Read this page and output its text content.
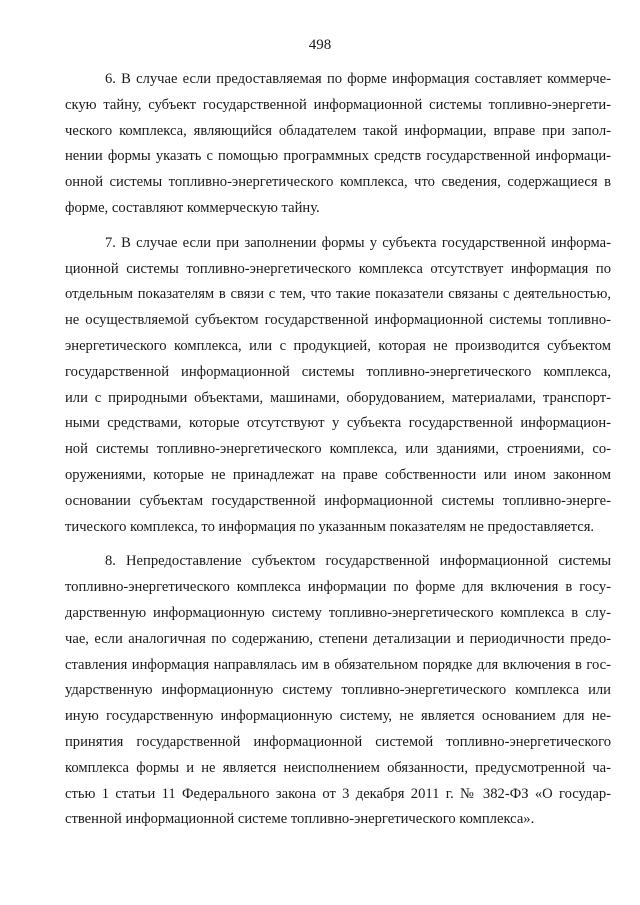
498
6. В случае если предоставляемая по форме информация составляет коммерче-
скую тайну, субъект государственной информационной системы топливно-энергети-
ческого комплекса, являющийся обладателем такой информации, вправе при запол-
нении формы указать с помощью программных средств государственной информаци-
онной системы топливно-энергетического комплекса, что сведения, содержащиеся в
форме, составляют коммерческую тайну.
7. В случае если при заполнении формы у субъекта государственной информа-
ционной системы топливно-энергетического комплекса отсутствует информация по
отдельным показателям в связи с тем, что такие показатели связаны с деятельностью,
не осуществляемой субъектом государственной информационной системы топливно-
энергетического комплекса, или с продукцией, которая не производится субъектом
государственной информационной системы топливно-энергетического комплекса,
или с природными объектами, машинами, оборудованием, материалами, транспорт-
ными средствами, которые отсутствуют у субъекта государственной информацион-
ной системы топливно-энергетического комплекса, или зданиями, строениями, со-
оружениями, которые не принадлежат на праве собственности или ином законном
основании субъектам государственной информационной системы топливно-энерге-
тического комплекса, то информация по указанным показателям не предоставляется.
8. Непредоставление субъектом государственной информационной системы
топливно-энергетического комплекса информации по форме для включения в госу-
дарственную информационную систему топливно-энергетического комплекса в слу-
чае, если аналогичная по содержанию, степени детализации и периодичности предо-
ставления информация направлялась им в обязательном порядке для включения в гос-
ударственную информационную систему топливно-энергетического комплекса или
иную государственную информационную систему, не является основанием для не-
принятия государственной информационной системой топливно-энергетического
комплекса формы и не является неисполнением обязанности, предусмотренной ча-
стью 1 статьи 11 Федерального закона от 3 декабря 2011 г. № 382-ФЗ «О госудаp-
ственной информационной системе топливно-энергетического комплекса».
